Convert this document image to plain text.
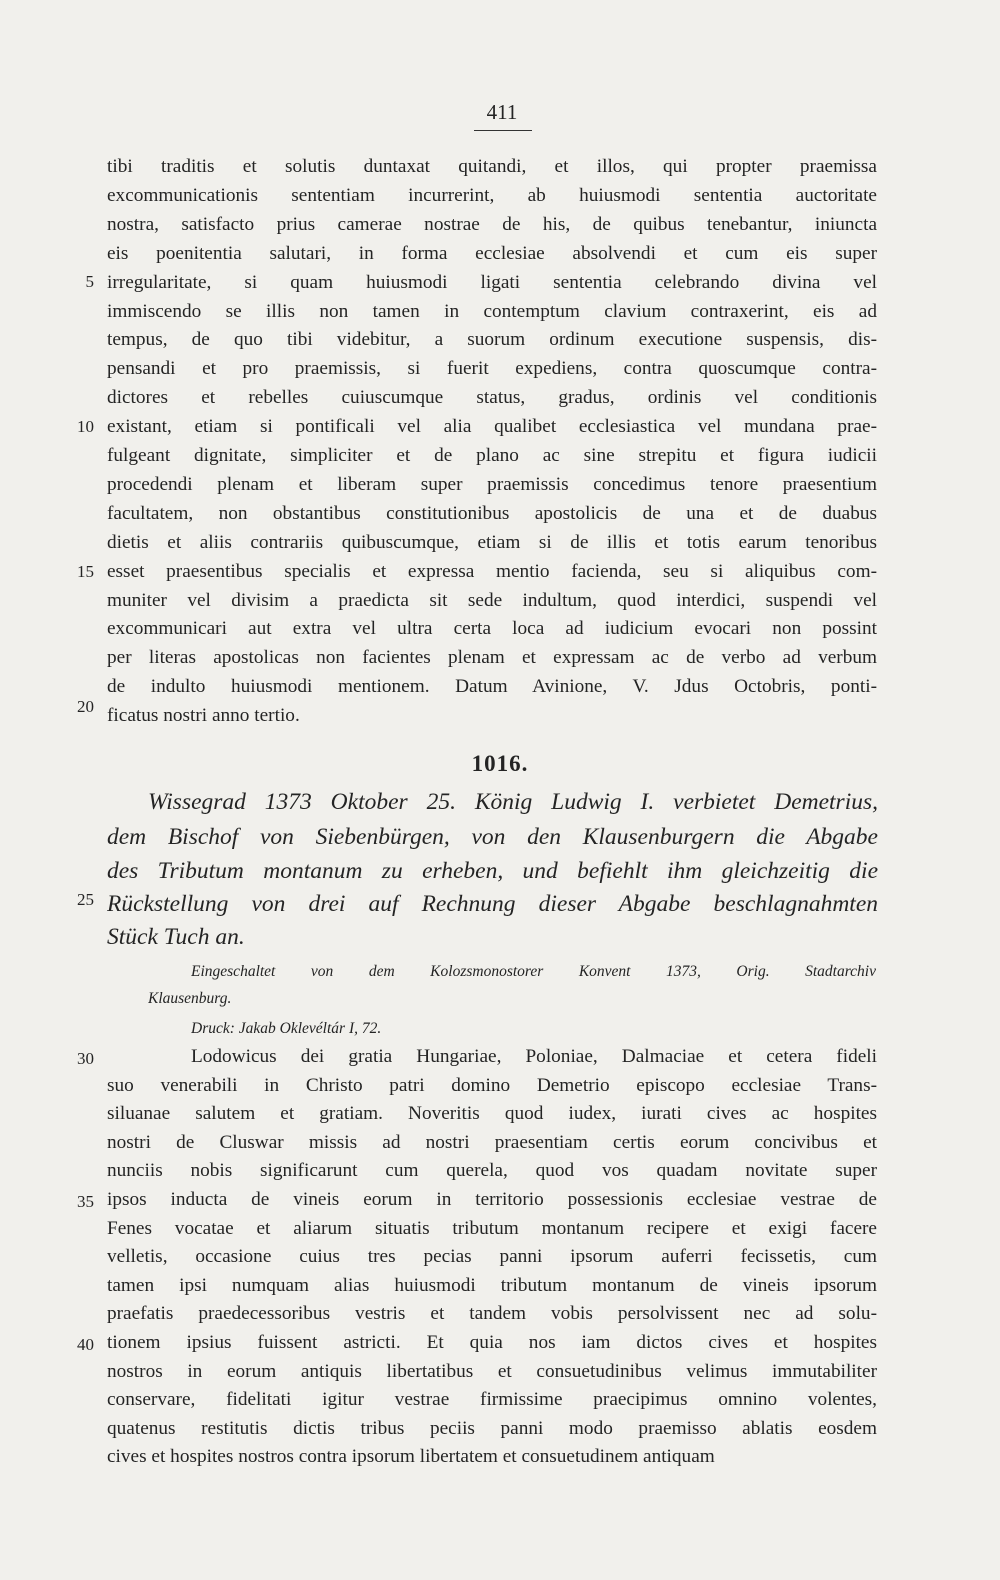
411
tibi traditis et solutis duntaxat quitandi, et illos, qui propter praemissa
excommunicationis sententiam incurrerint, ab huiusmodi sententia auctoritate
nostra, satisfacto prius camerae nostrae de his, de quibus tenebantur, iniuncta
eis poenitentia salutari, in forma ecclesiae absolvendi et cum eis super
irregularitate, si quam huiusmodi ligati sententia celebrando divina vel
immiscendo se illis non tamen in contemptum clavium contraxerint, eis ad
tempus, de quo tibi videbitur, a suorum ordinum executione suspensis, dis-
pensandi et pro praemissis, si fuerit expediens, contra quoscumque contra-
dictores et rebelles cuiuscumque status, gradus, ordinis vel conditionis
existant, etiam si pontificali vel alia qualibet ecclesiastica vel mundana prae-
fulgeant dignitate, simpliciter et de plano ac sine strepitu et figura iudicii
procedendi plenam et liberam super praemissis concedimus tenore praesentium
facultatem, non obstantibus constitutionibus apostolicis de una et de duabus
dietis et aliis contrariis quibuscumque, etiam si de illis et totis earum tenoribus
esset praesentibus specialis et expressa mentio facienda, seu si aliquibus com-
muniter vel divisim a praedicta sit sede indultum, quod interdici, suspendi vel
excommunicari aut extra vel ultra certa loca ad iudicium evocari non possint
per literas apostolicas non facientes plenam et expressam ac de verbo ad verbum
de indulto huiusmodi mentionem. Datum Avinione, V. Jdus Octobris, ponti-
ficatus nostri anno tertio.
5
10
15
20
1016.
Wissegrad 1373 Oktober 25. König Ludwig I. verbietet Demetrius,
dem Bischof von Siebenbürgen, von den Klausenburgern die Abgabe
des Tributum montanum zu erheben, und befiehlt ihm gleichzeitig die
Rückstellung von drei auf Rechnung dieser Abgabe beschlagnahmten
Stück Tuch an.
25
Eingeschaltet von dem Kolozsmonostorer Konvent 1373, Orig. Stadtarchiv
Klausenburg.
Druck: Jakab Oklevéltár I, 72.
Lodowicus dei gratia Hungariae, Poloniae, Dalmaciae et cetera fideli
suo venerabili in Christo patri domino Demetrio episcopo ecclesiae Trans-
siluanae salutem et gratiam. Noveritis quod iudex, iurati cives ac hospites
nostri de Cluswar missis ad nostri praesentiam certis eorum concivibus et
nunciis nobis significarunt cum querela, quod vos quadam novitate super
ipsos inducta de vineis eorum in territorio possessionis ecclesiae vestrae de
Fenes vocatae et aliarum situatis tributum montanum recipere et exigi facere
velletis, occasione cuius tres pecias panni ipsorum auferri fecissetis, cum
tamen ipsi numquam alias huiusmodi tributum montanum de vineis ipsorum
praefatis praedecessoribus vestris et tandem vobis persolvissent nec ad solu-
tionem ipsius fuissent astricti. Et quia nos iam dictos cives et hospites
nostros in eorum antiquis libertatibus et consuetudinibus velimus immutabiliter
conservare, fidelitati igitur vestrae firmissime praecipimus omnino volentes,
quatenus restitutis dictis tribus peciis panni modo praemisso ablatis eosdem
cives et hospites nostros contra ipsorum libertatem et consuetudinem antiquam
30
35
40
